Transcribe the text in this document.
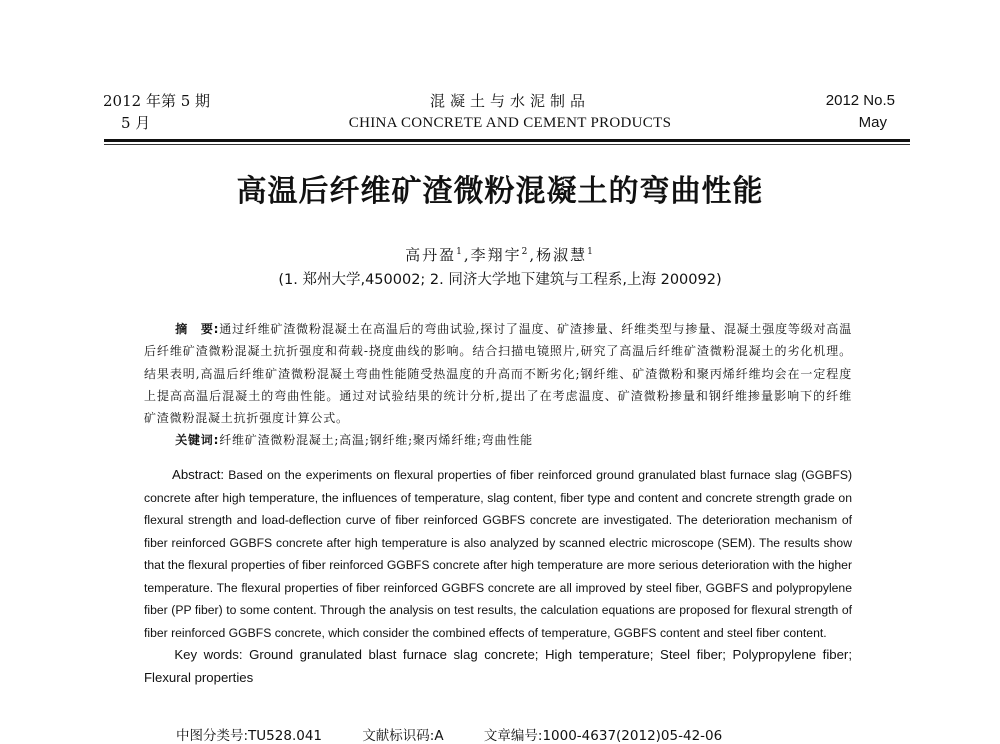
2012 年第 5 期
5 月
混凝土与水泥制品
CHINA CONCRETE AND CEMENT PRODUCTS
2012 No.5
May
高温后纤维矿渣微粉混凝土的弯曲性能
高丹盈$^1$,李翔宇$^2$,杨淑慧$^1$
(1. 郑州大学,450002; 2. 同济大学地下建筑与工程系,上海 200092)
摘　要:通过纤维矿渣微粉混凝土在高温后的弯曲试验,探讨了温度、矿渣掺量、纤维类型与掺量、混凝土强度等级对高温后纤维矿渣微粉混凝土抗折强度和荷载-挠度曲线的影响。结合扫描电镜照片,研究了高温后纤维矿渣微粉混凝土的劣化机理。结果表明,高温后纤维矿渣微粉混凝土弯曲性能随受热温度的升高而不断劣化;钢纤维、矿渣微粉和聚丙烯纤维均会在一定程度上提高高温后混凝土的弯曲性能。通过对试验结果的统计分析,提出了在考虑温度、矿渣微粉掺量和钢纤维掺量影响下的纤维矿渣微粉混凝土抗折强度计算公式。
关键词:纤维矿渣微粉混凝土;高温;钢纤维;聚丙烯纤维;弯曲性能
Abstract: Based on the experiments on flexural properties of fiber reinforced ground granulated blast furnace slag (GGBFS) concrete after high temperature, the influences of temperature, slag content, fiber type and content and concrete strength grade on flexural strength and load-deflection curve of fiber reinforced GGBFS concrete are investigated. The deterioration mechanism of fiber reinforced GGBFS concrete after high temperature is also analyzed by scanned electric microscope (SEM). The results show that the flexural properties of fiber reinforced GGBFS concrete after high temperature are more serious deterioration with the higher temperature. The flexural properties of fiber reinforced GGBFS concrete are all improved by steel fiber, GGBFS and polypropylene fiber (PP fiber) to some content. Through the analysis on test results, the calculation equations are proposed for flexural strength of fiber reinforced GGBFS concrete, which consider the combined effects of temperature, GGBFS content and steel fiber content.
Key words: Ground granulated blast furnace slag concrete; High temperature; Steel fiber; Polypropylene fiber; Flexural properties
中图分类号:TU528.041	文献标识码:A	文章编号:1000-4637(2012)05-42-06
